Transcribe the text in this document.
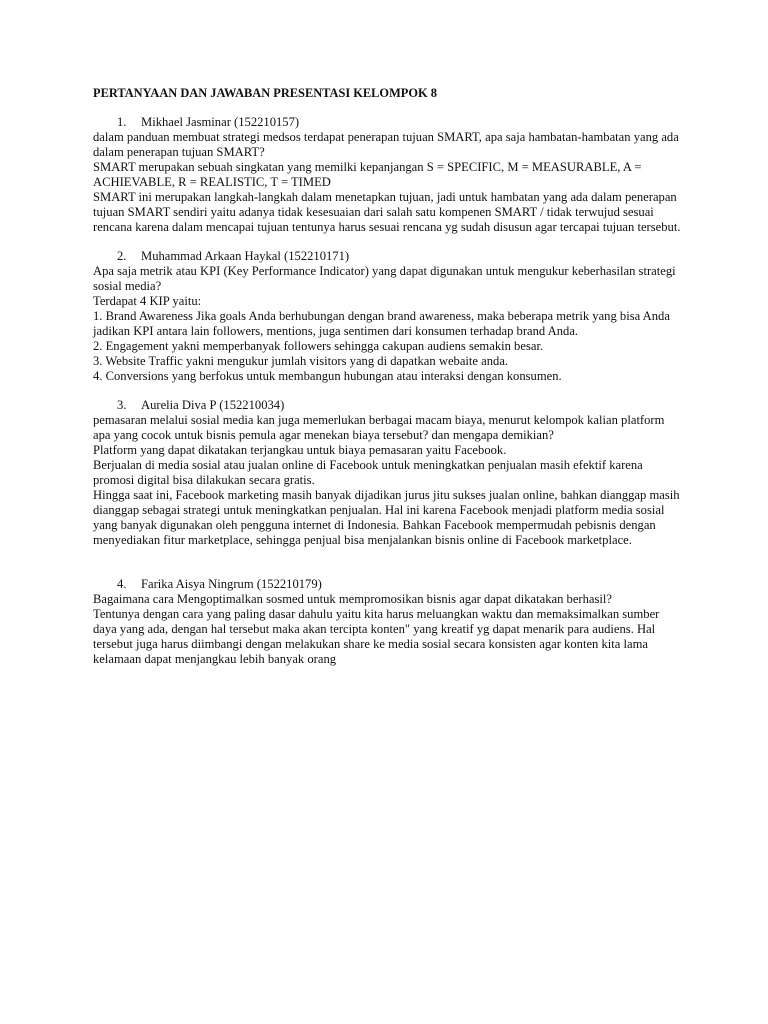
PERTANYAAN DAN JAWABAN PRESENTASI KELOMPOK 8

1.	Mikhael Jasminar (152210157)

dalam panduan membuat strategi medsos terdapat penerapan tujuan SMART, apa saja hambatan-hambatan yang ada dalam penerapan tujuan SMART?

SMART merupakan sebuah singkatan yang memilki kepanjangan S = SPECIFIC, M = MEASURABLE, A = ACHIEVABLE, R = REALISTIC, T = TIMED

SMART ini merupakan langkah-langkah dalam menetapkan tujuan, jadi untuk hambatan yang ada dalam penerapan tujuan SMART sendiri yaitu adanya tidak kesesuaian dari salah satu kompenen SMART / tidak terwujud sesuai rencana karena dalam mencapai tujuan tentunya harus sesuai rencana yg sudah disusun agar tercapai tujuan tersebut.

2.	Muhammad Arkaan Haykal (152210171)

Apa saja metrik atau KPI (Key Performance Indicator) yang dapat digunakan untuk mengukur keberhasilan strategi sosial media?

Terdapat 4 KIP yaitu:

1. Brand Awareness Jika goals Anda berhubungan dengan brand awareness, maka beberapa metrik yang bisa Anda jadikan KPI antara lain followers, mentions, juga sentimen dari konsumen terhadap brand Anda.

2. Engagement yakni memperbanyak followers sehingga cakupan audiens semakin besar.

3. Website Traffic yakni mengukur jumlah visitors yang di dapatkan webaite anda.

4. Conversions yang berfokus untuk membangun hubungan atau interaksi dengan konsumen.

3.	Aurelia Diva P (152210034)

pemasaran melalui sosial media kan juga memerlukan berbagai macam biaya, menurut kelompok kalian platform apa yang cocok untuk bisnis pemula agar menekan biaya tersebut? dan mengapa demikian?

Platform yang dapat dikatakan terjangkau untuk biaya pemasaran yaitu Facebook.

Berjualan di media sosial atau jualan online di Facebook untuk meningkatkan penjualan masih efektif karena promosi digital bisa dilakukan secara gratis.

Hingga saat ini, Facebook marketing masih banyak dijadikan jurus jitu sukses jualan online, bahkan dianggap masih dianggap sebagai strategi untuk meningkatkan penjualan. Hal ini karena Facebook menjadi platform media sosial yang banyak digunakan oleh pengguna internet di Indonesia. Bahkan Facebook mempermudah pebisnis dengan menyediakan fitur marketplace, sehingga penjual bisa menjalankan bisnis online di Facebook marketplace.

4.	Farika Aisya Ningrum (152210179)

Bagaimana cara Mengoptimalkan sosmed untuk mempromosikan bisnis agar dapat dikatakan berhasil?

Tentunya dengan cara yang paling dasar dahulu yaitu kita harus meluangkan waktu dan memaksimalkan sumber daya yang ada, dengan hal tersebut maka akan tercipta konten" yang kreatif yg dapat menarik para audiens. Hal tersebut juga harus diimbangi dengan melakukan share ke media sosial secara konsisten agar konten kita lama kelamaan dapat menjangkau lebih banyak orang
